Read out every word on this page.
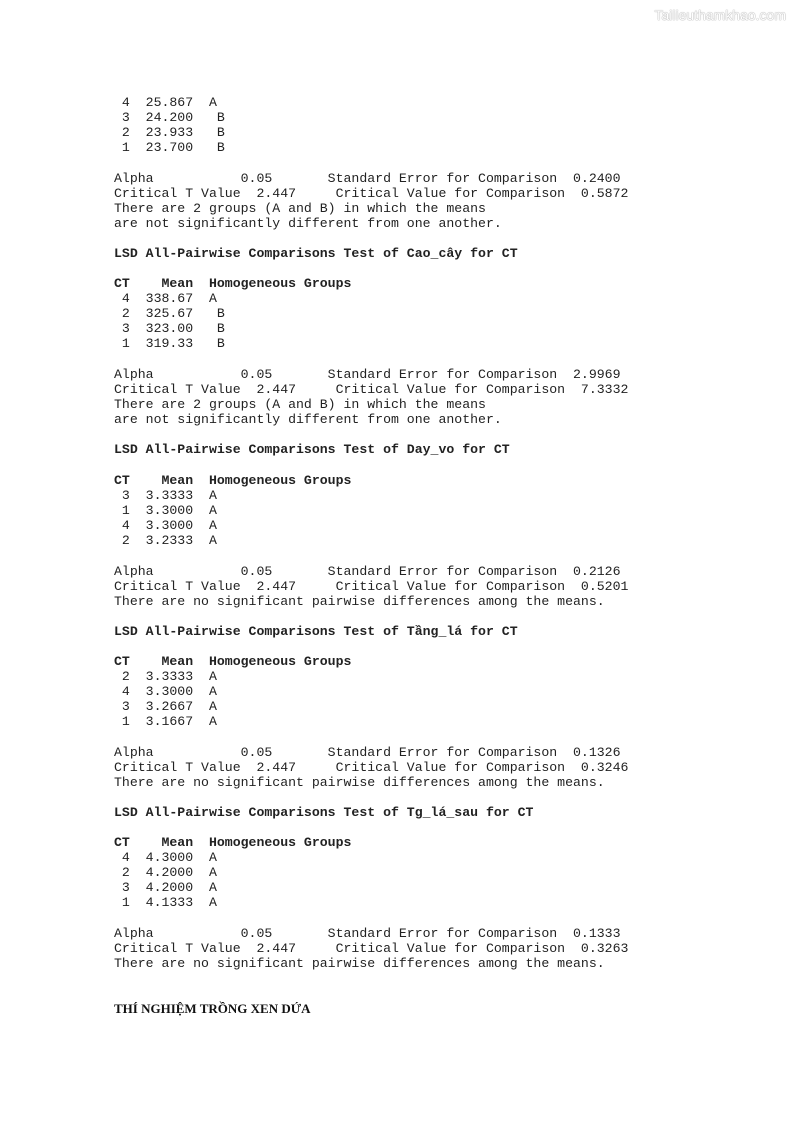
Tailieuthamkhao.com
4  25.867  A
3  24.200   B
2  23.933   B
1  23.700   B
Alpha           0.05       Standard Error for Comparison  0.2400
Critical T Value  2.447     Critical Value for Comparison  0.5872
There are 2 groups (A and B) in which the means
are not significantly different from one another.
LSD All-Pairwise Comparisons Test of Cao_cây for CT
CT    Mean  Homogeneous Groups
4  338.67  A
2  325.67   B
3  323.00   B
1  319.33   B
Alpha           0.05       Standard Error for Comparison  2.9969
Critical T Value  2.447     Critical Value for Comparison  7.3332
There are 2 groups (A and B) in which the means
are not significantly different from one another.
LSD All-Pairwise Comparisons Test of Day_vo for CT
CT    Mean  Homogeneous Groups
3  3.3333  A
1  3.3000  A
4  3.3000  A
2  3.2333  A
Alpha           0.05       Standard Error for Comparison  0.2126
Critical T Value  2.447     Critical Value for Comparison  0.5201
There are no significant pairwise differences among the means.
LSD All-Pairwise Comparisons Test of Tầng_lá for CT
CT    Mean  Homogeneous Groups
2  3.3333  A
4  3.3000  A
3  3.2667  A
1  3.1667  A
Alpha           0.05       Standard Error for Comparison  0.1326
Critical T Value  2.447     Critical Value for Comparison  0.3246
There are no significant pairwise differences among the means.
LSD All-Pairwise Comparisons Test of Tg_lá_sau for CT
CT    Mean  Homogeneous Groups
4  4.3000  A
2  4.2000  A
3  4.2000  A
1  4.1333  A
Alpha           0.05       Standard Error for Comparison  0.1333
Critical T Value  2.447     Critical Value for Comparison  0.3263
There are no significant pairwise differences among the means.
THÍ NGHIỆM TRỒNG XEN DỨA
